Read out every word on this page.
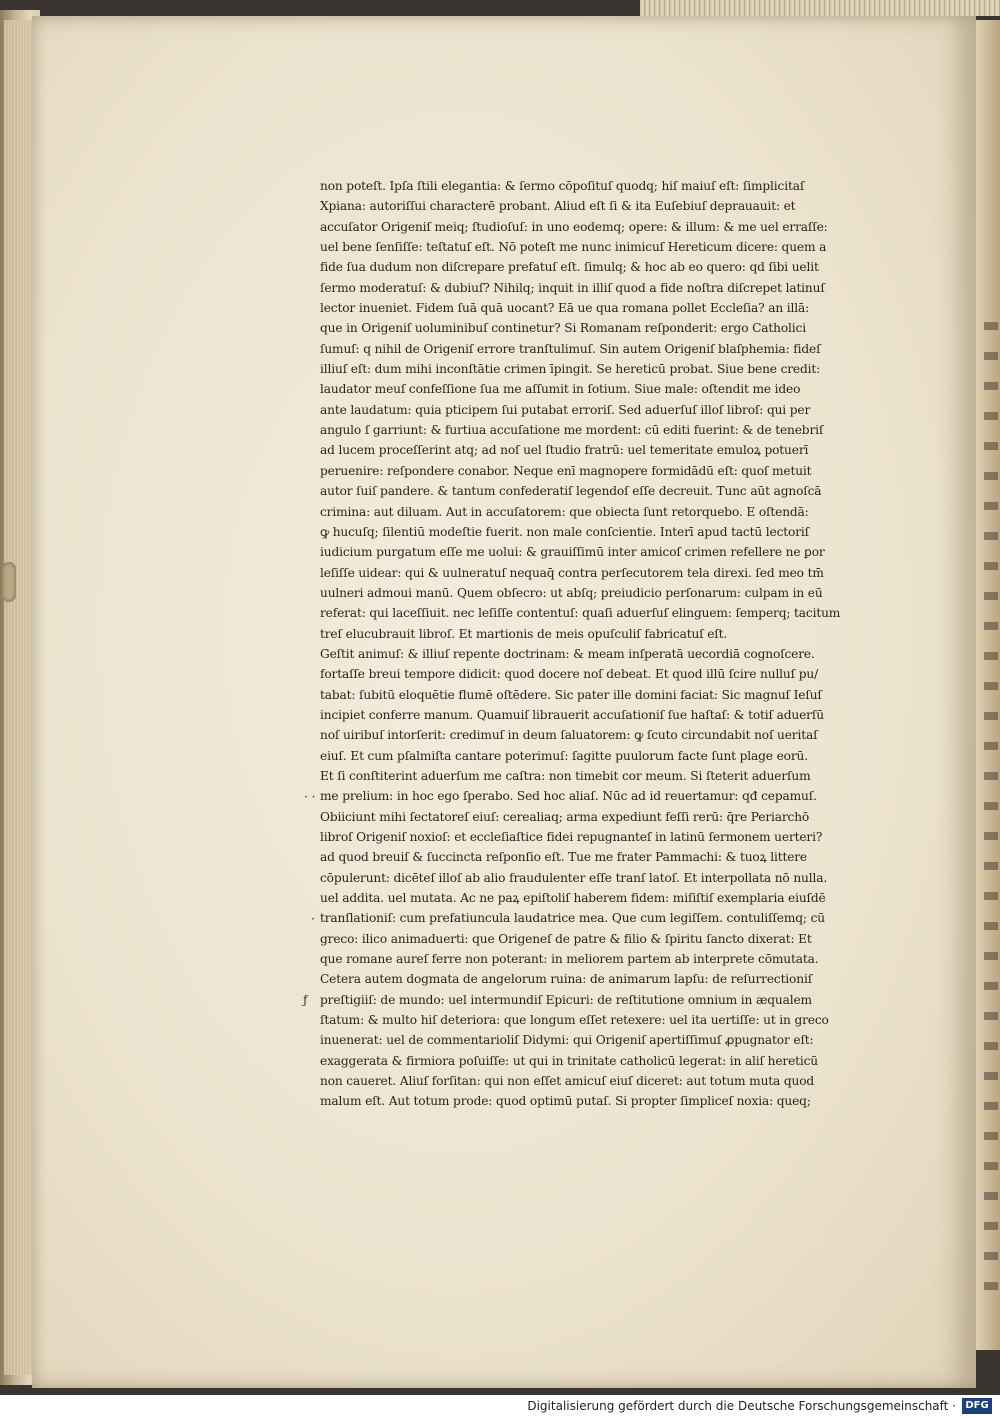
non poteſt. Ipſa ſtili elegantia: & ſermo cōpoſituſ quodq; hiſ maiuſ eſt: ſimplicitaſ
Xpiana: autoriſſui characterē probant. Aliud eſt ſi & ita Euſebiuſ deprauauit: et
accuſator Origeniſ meiq; ſtudioſuſ: in uno eodemq; opere: & illum: & me uel erraſſe:
uel bene ſenſiſſe: teſtatuſ eſt. Nō poteſt me nunc inimicuſ Hereticum dicere: quem a
fide ſua dudum non diſcrepare prefatuſ eſt. ſimulq; & hoc ab eo quero: qd ſibi uelit
ſermo moderatuſ: & dubiuſ? Nihilq; inquit in illiſ quod a fide noſtra diſcrepet latinuſ
lector inueniet. Fidem ſuā quā uocant? Eā ue qua romana pollet Eccleſia? an illā:
que in Origeniſ uoluminibuſ continetur? Si Romanam reſponderit: ergo Catholici
ſumuſ: q nihil de Origeniſ errore tranſtulimuſ. Sin autem Origeniſ blaſphemia: fideſ
illiuſ eſt: dum mihi inconſtātie crimen īpingit. Se hereticū probat. Siue bene credit:
laudator meuſ confeſſione ſua me aſſumit in ſotium. Siue male: oſtendit me ideo
ante laudatum: quia pticipem ſui putabat erroriſ. Sed aduerſuſ illoſ libroſ: qui per
angulo ſ garriunt: & furtiua accuſatione me mordent: cū editi fuerint: & de tenebriſ
ad lucem proceſſerint atq; ad noſ uel ſtudio fratrū: uel temeritate emuloꝝ potuerī
peruenire: reſpondere conabor. Neque enī magnopere formidādū eſt: quoſ metuit
autor ſuiſ pandere. & tantum confederatiſ legendoſ eſſe decreuit. Tunc aūt agnoſcā
crimina: aut diluam. Aut in accuſatorem: que obiecta ſunt retorquebo. E oſtendā:
ꝙ hucuſq; ſilentiū modeſtie fuerit. non male conſcientie. Interī apud tactū lectoriſ
iudicium purgatum eſſe me uolui: & grauiſſimū inter amicoſ crimen refellere ne ꝑor
leſiſſe uidear: qui & uulneratuſ nequaq̄ contra perſecutorem tela direxi. ſed meo tm̄
uulneri admoui manū. Quem obſecro: ut abſq; preiudicio perſonarum: culpam in eū
referat: qui laceſſiuit. nec leſiſſe contentuſ: quaſi aduerſuſ elinguem: ſemperq; tacitum
treſ elucubrauit libroſ. Et martionis de meis opuſculiſ fabricatuſ eſt.
Geſtit animuſ: & illiuſ repente doctrinam: & meam inſperatā uecordiā cognoſcere.
fortaſſe breui tempore didicit: quod docere noſ debeat. Et quod illū ſcire nulluſ pu/
tabat: ſubitū eloquētie flumē oſtēdere. Sic pater ille domini faciat: Sic magnuſ Ieſuſ
incipiet conferre manum. Quamuiſ librauerit accuſationiſ ſue haſtaſ: & totiſ aduerſū
noſ uiribuſ intorſerit: credimuſ in deum ſaluatorem: ꝙ ſcuto circundabit noſ ueritaſ
eiuſ. Et cum pſalmiſta cantare poterimuſ: ſagitte puulorum facte ſunt plage eorū.
Et ſi conſtiterint aduerſum me caſtra: non timebit cor meum. Si ſteterit aduerſum
me prelium: in hoc ego ſperabo. Sed hoc aliaſ. Nūc ad id reuertamur: qđ cepamuſ.
Obiiciunt mihi ſectatoreſ eiuſ: cerealiaq; arma expediunt feſſi rerū: q̄re Periarchō
libroſ Origeniſ noxioſ: et eccleſiaſtice fidei repugnanteſ in latinū ſermonem uerteri?
ad quod breuiſ & ſuccincta reſponſio eſt. Tue me frater Pammachi: & tuoꝝ littere
cōpulerunt: dicēteſ illoſ ab alio fraudulenter eſſe tranſ latoſ. Et interpollata nō nulla.
uel addita. uel mutata. Ac ne paꝝ epiſtoliſ haberem fidem: miſiſtiſ exemplaria eiuſdē
tranſlationiſ: cum prefatiuncula laudatrice mea. Que cum legiſſem. contuliſſemq; cū
greco: ilico animaduerti: que Origeneſ de patre & filio & ſpiritu ſancto dixerat: Et
que romane aureſ ferre non poterant: in meliorem partem ab interprete cōmutata.
Cetera autem dogmata de angelorum ruina: de animarum lapſu: de reſurrectioniſ
preſtigiiſ: de mundo: uel intermundiſ Epicuri: de reſtitutione omnium in æqualem
ſtatum: & multo hiſ deteriora: que longum eſſet retexere: uel ita uertiſſe: ut in greco
inuenerat: uel de commentarioliſ Didymi: qui Origeniſ apertiſſimuſ ꝓpugnator eſt:
exaggerata & firmiora poſuiſſe: ut qui in trinitate catholicū legerat: in aliſ hereticū
non caueret. Aliuſ forſitan: qui non eſſet amicuſ eiuſ diceret: aut totum muta quod
malum eſt. Aut totum prode: quod optimū putaſ. Si propter ſimpliceſ noxia: queq;
· ·
·
ƒ
Digitalisierung gefördert durch die Deutsche Forschungsgemeinschaft · DFG
